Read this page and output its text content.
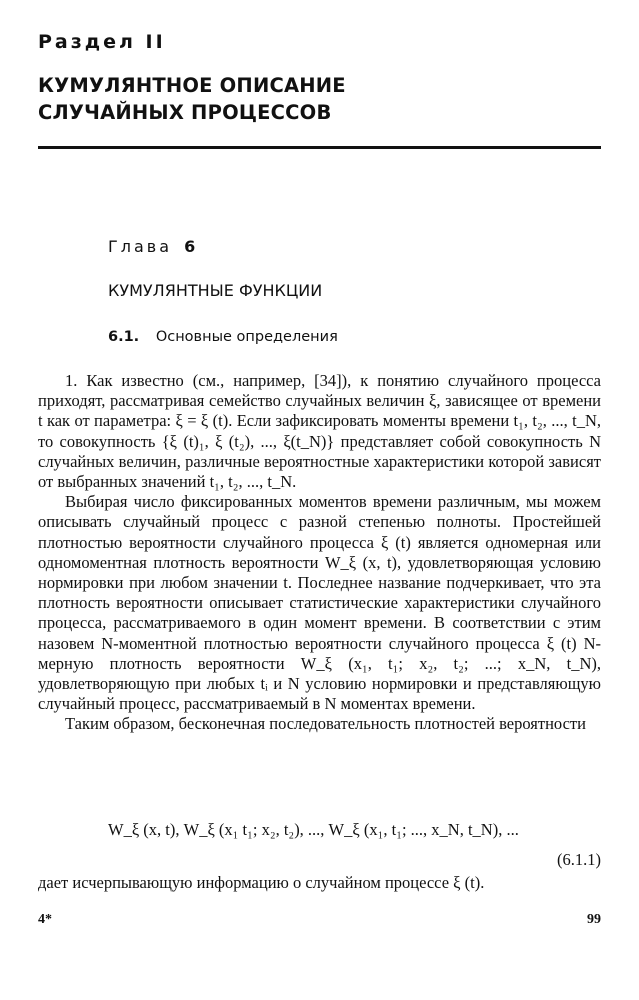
Раздел II
КУМУЛЯНТНОЕ ОПИСАНИЕ
СЛУЧАЙНЫХ ПРОЦЕССОВ
Глава 6
КУМУЛЯНТНЫЕ ФУНКЦИИ
6.1. Основные определения

1. Как известно (см., например, [34]), к понятию случайного процесса приходят, рассматривая семейство случайных величин ξ, зависящее от времени t как от параметра: ξ = ξ (t). Если зафиксировать моменты времени t₁, t₂, ..., t_N, то совокупность {ξ (t)₁, ξ (t₂), ..., ξ(t_N)} представляет собой совокупность N случайных величин, различные вероятностные характеристики которой зависят от выбранных значений t₁, t₂, ..., t_N.

Выбирая число фиксированных моментов времени различным, мы можем описывать случайный процесс с разной степенью полноты. Простейшей плотностью вероятности случайного процесса ξ (t) является одномерная или одномоментная плотность вероятности W_ξ (x, t), удовлетворяющая условию нормировки при любом значении t. Последнее название подчеркивает, что эта плотность вероятности описывает статистические характеристики случайного процесса, рассматриваемого в один момент времени. В соответствии с этим назовем N-моментной плотностью вероятности случайного процесса ξ (t) N-мерную плотность вероятности W_ξ (x₁, t₁; x₂, t₂; ...; x_N, t_N), удовлетворяющую при любых tᵢ и N условию нормировки и представляющую случайный процесс, рассматриваемый в N моментах времени.

Таким образом, бесконечная последовательность плотностей вероятности

W_ξ (x, t), W_ξ (x₁ t₁; x₂, t₂), ..., W_ξ (x₁, t₁; ..., x_N, t_N), ...
(6.1.1)
дает исчерпывающую информацию о случайном процессе ξ (t).
4*	99
